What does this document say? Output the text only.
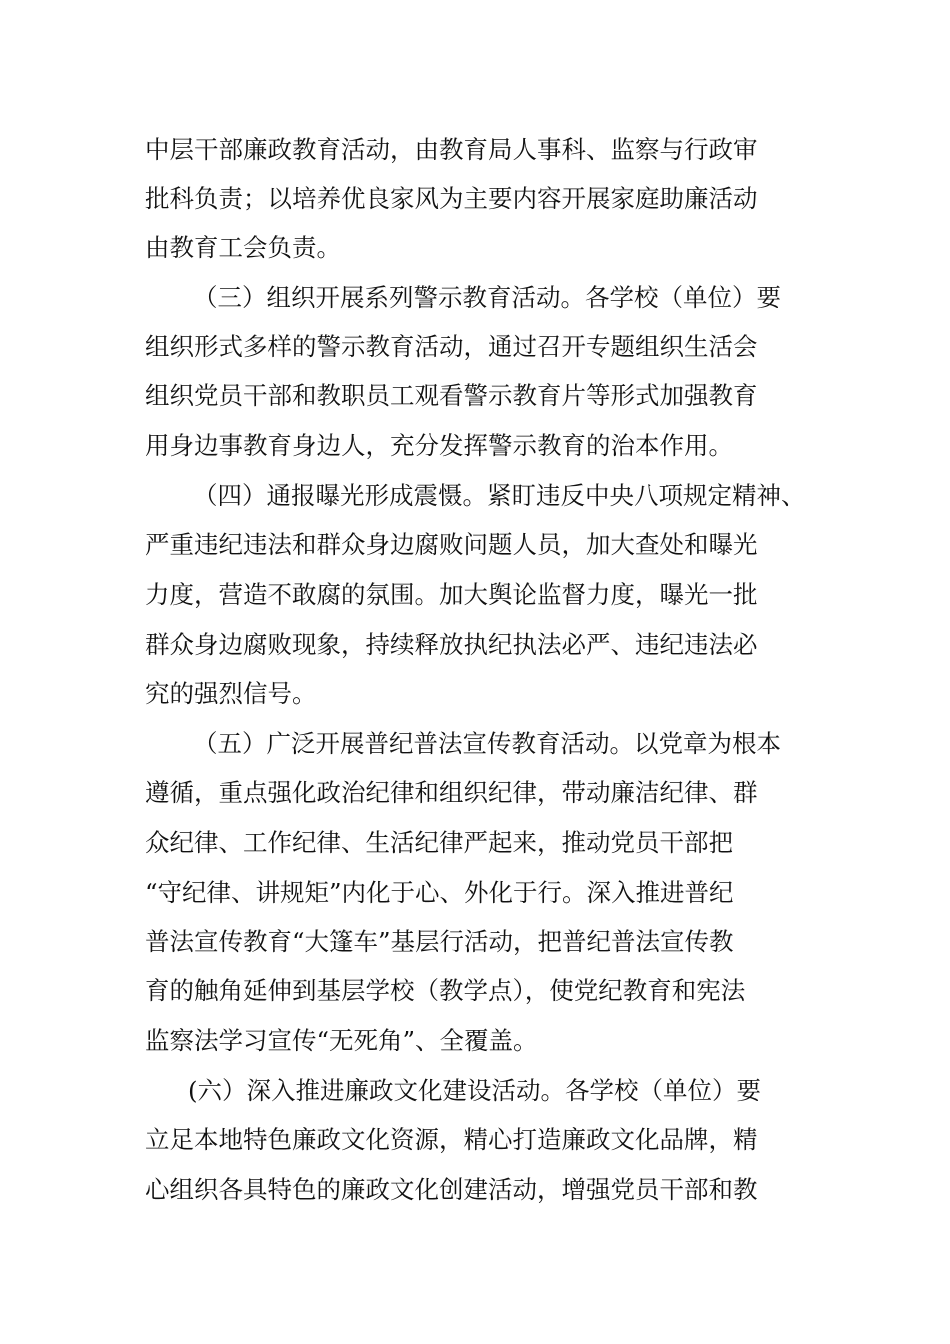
中层干部廉政教育活动，由教育局人事科、监察与行政审
批科负责；以培养优良家风为主要内容开展家庭助廉活动
由教育工会负责。
（三）组织开展系列警示教育活动。各学校（单位）要
组织形式多样的警示教育活动，通过召开专题组织生活会
组织党员干部和教职员工观看警示教育片等形式加强教育
用身边事教育身边人，充分发挥警示教育的治本作用。
（四）通报曝光形成震慑。紧盯违反中央八项规定精神、
严重违纪违法和群众身边腐败问题人员，加大查处和曝光
力度，营造不敢腐的氛围。加大舆论监督力度，曝光一批
群众身边腐败现象，持续释放执纪执法必严、违纪违法必
究的强烈信号。
（五）广泛开展普纪普法宣传教育活动。以党章为根本
遵循，重点强化政治纪律和组织纪律，带动廉洁纪律、群
众纪律、工作纪律、生活纪律严起来，推动党员干部把
“守纪律、讲规矩”内化于心、外化于行。深入推进普纪
普法宣传教育“大篷车”基层行活动，把普纪普法宣传教
育的触角延伸到基层学校（教学点），使党纪教育和宪法
监察法学习宣传“无死角”、全覆盖。
(六）深入推进廉政文化建设活动。各学校（单位）要
立足本地特色廉政文化资源，精心打造廉政文化品牌，精
心组织各具特色的廉政文化创建活动，增强党员干部和教
